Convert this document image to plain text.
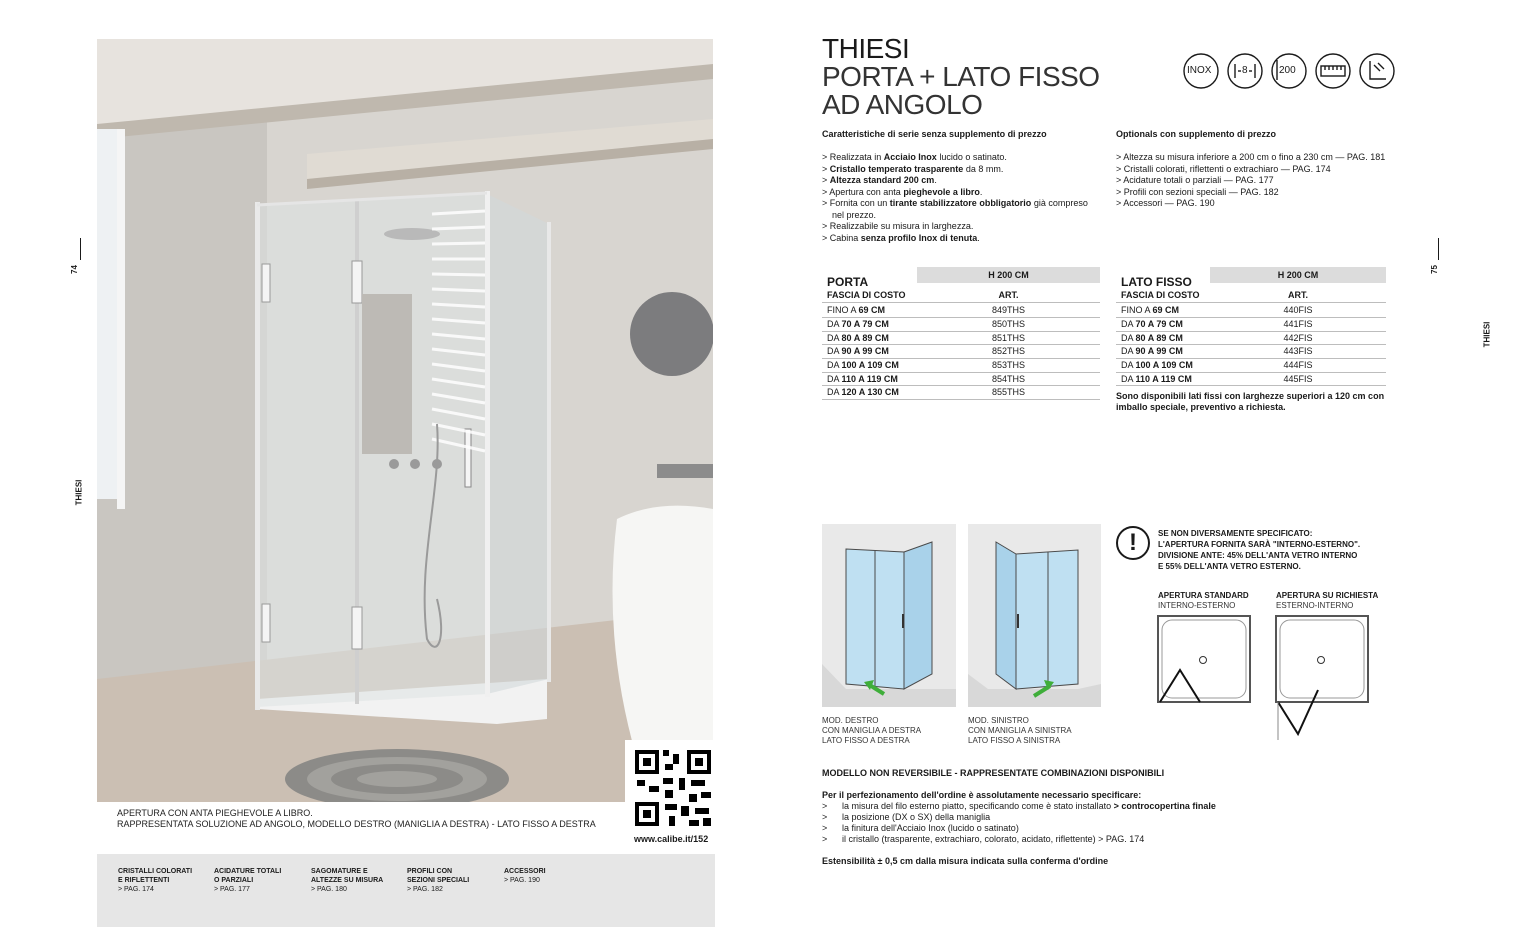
74
THIESI
www.calibe.it/152
APERTURA CON ANTA PIEGHEVOLE A LIBRO.
RAPPRESENTATA SOLUZIONE AD ANGOLO, MODELLO DESTRO (MANIGLIA A DESTRA) - LATO FISSO A DESTRA
CRISTALLI COLORATI
E RIFLETTENTI
> PAG. 174
ACIDATURE TOTALI
O PARZIALI
> PAG. 177
SAGOMATURE E
ALTEZZE SU MISURA
> PAG. 180
PROFILI CON
SEZIONI SPECIALI
> PAG. 182
ACCESSORI
> PAG. 190
75
THIESI
THIESI
PORTA + LATO FISSO
AD ANGOLO
INOX	8	200
Caratteristiche di serie senza supplemento di prezzo
> Realizzata in Acciaio Inox lucido o satinato.
> Cristallo temperato trasparente da 8 mm.
> Altezza standard 200 cm.
> Apertura con anta pieghevole a libro.
> Fornita con un tirante stabilizzatore obbligatorio già compreso
nel prezzo.
> Realizzabile su misura in larghezza.
> Cabina senza profilo Inox di tenuta.
Optionals con supplemento di prezzo
> Altezza su misura inferiore a 200 cm o fino a 230 cm — PAG. 181
> Cristalli colorati, riflettenti o extrachiaro — PAG. 174
> Acidature totali o parziali — PAG. 177
> Profili con sezioni speciali — PAG. 182
> Accessori — PAG. 190
PORTA	H 200 CM
FASCIA DI COSTO	ART.
FINO A 69 CM	849THS
DA 70 A 79 CM	850THS
DA 80 A 89 CM	851THS
DA 90 A 99 CM	852THS
DA 100 A 109 CM	853THS
DA 110 A 119 CM	854THS
DA 120 A 130 CM	855THS
LATO FISSO	H 200 CM
FASCIA DI COSTO	ART.
FINO A 69 CM	440FIS
DA 70 A 79 CM	441FIS
DA 80 A 89 CM	442FIS
DA 90 A 99 CM	443FIS
DA 100 A 109 CM	444FIS
DA 110 A 119 CM	445FIS
Sono disponibili lati fissi con larghezze superiori a 120 cm con
imballo speciale, preventivo a richiesta.
MOD. DESTRO
CON MANIGLIA A DESTRA
LATO FISSO A DESTRA
MOD. SINISTRO
CON MANIGLIA A SINISTRA
LATO FISSO A SINISTRA
!	SE NON DIVERSAMENTE SPECIFICATO:
L'APERTURA FORNITA SARÀ "INTERNO-ESTERNO".
DIVISIONE ANTE: 45% DELL'ANTA VETRO INTERNO
E 55% DELL'ANTA VETRO ESTERNO.
APERTURA STANDARD
INTERNO-ESTERNO
APERTURA SU RICHIESTA
ESTERNO-INTERNO
MODELLO NON REVERSIBILE - RAPPRESENTATE COMBINAZIONI DISPONIBILI
Per il perfezionamento dell'ordine è assolutamente necessario specificare:
> la misura del filo esterno piatto, specificando come è stato installato > controcopertina finale
> la posizione (DX o SX) della maniglia
> la finitura dell'Acciaio Inox (lucido o satinato)
> il cristallo (trasparente, extrachiaro, colorato, acidato, riflettente) > PAG. 174
Estensibilità ± 0,5 cm dalla misura indicata sulla conferma d'ordine
